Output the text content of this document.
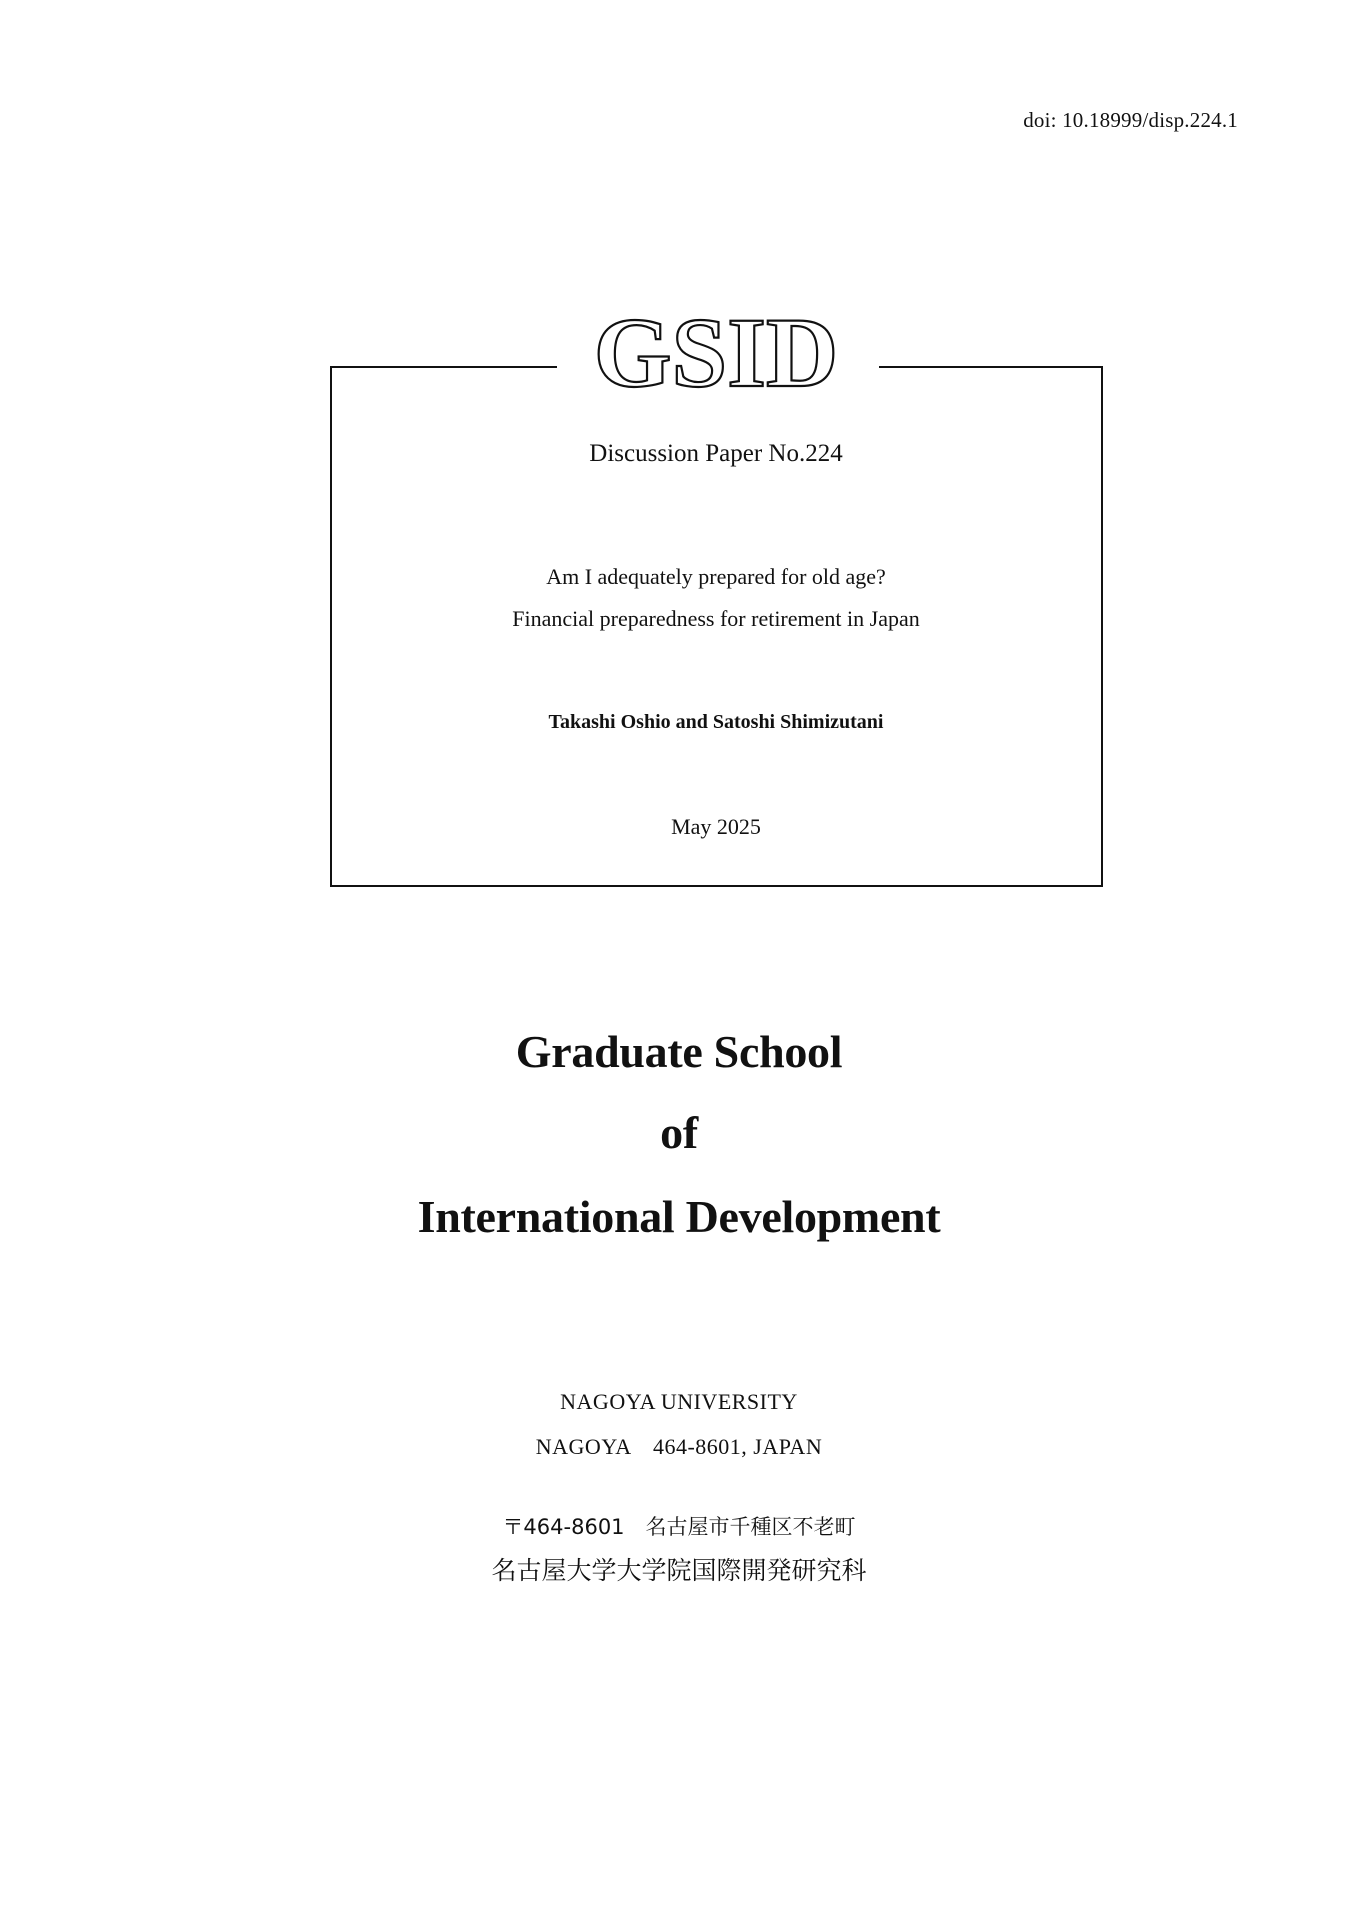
doi: 10.18999/disp.224.1
GSID
Discussion Paper No.224
Am I adequately prepared for old age?
Financial preparedness for retirement in Japan
Takashi Oshio and Satoshi Shimizutani
May 2025
Graduate School
of
International Development
NAGOYA UNIVERSITY
NAGOYA　464-8601, JAPAN
〒464-8601　名古屋市千種区不老町
名古屋大学大学院国際開発研究科
